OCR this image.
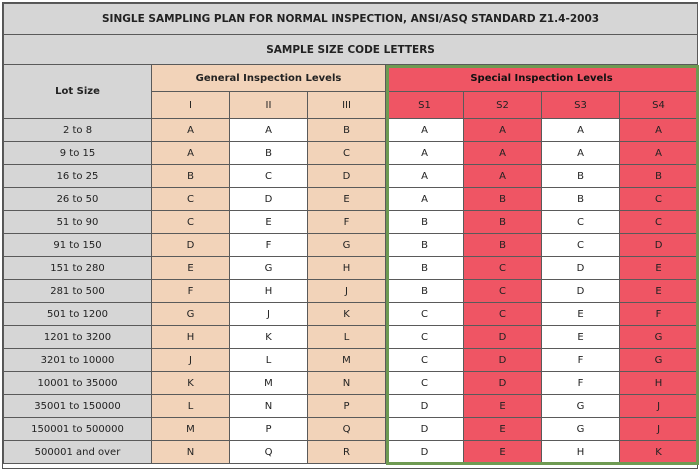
SINGLE SAMPLING PLAN FOR NORMAL INSPECTION, ANSI/ASQ STANDARD Z1.4-2003							
SAMPLE SIZE CODE LETTERS							
Lot Size	General Inspection Levels			Special Inspection Levels			
	I	II	III	S1	S2	S3	S4
2 to 8	A	A	B	A	A	A	A
9 to 15	A	B	C	A	A	A	A
16 to 25	B	C	D	A	A	B	B
26 to 50	C	D	E	A	B	B	C
51 to 90	C	E	F	B	B	C	C
91 to 150	D	F	G	B	B	C	D
151 to 280	E	G	H	B	C	D	E
281 to 500	F	H	J	B	C	D	E
501 to 1200	G	J	K	C	C	E	F
1201 to 3200	H	K	L	C	D	E	G
3201 to 10000	J	L	M	C	D	F	G
10001 to 35000	K	M	N	C	D	F	H
35001 to 150000	L	N	P	D	E	G	J
150001 to 500000	M	P	Q	D	E	G	J
500001 and over	N	Q	R	D	E	H	K
